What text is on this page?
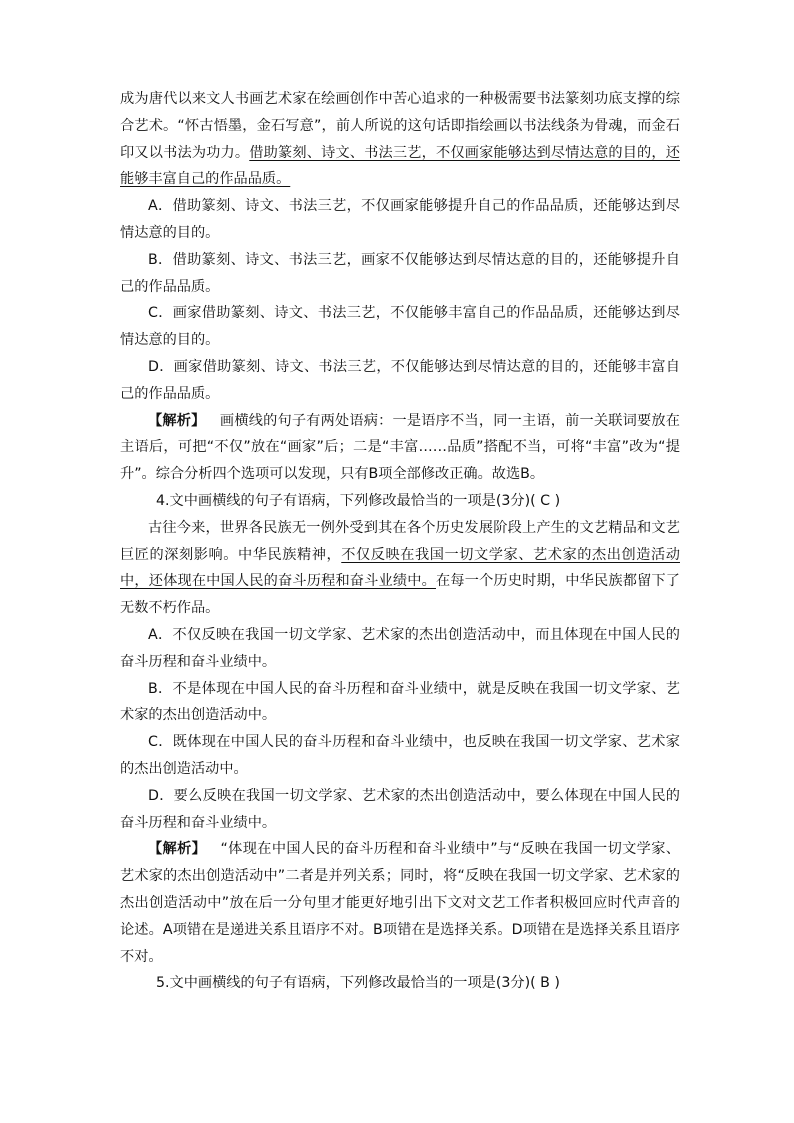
成为唐代以来文人书画艺术家在绘画创作中苦心追求的一种极需要书法篆刻功底支撑的综合艺术。“怀古悟墨，金石写意”，前人所说的这句话即指绘画以书法线条为骨魂，而金石印又以书法为功力。借助篆刻、诗文、书法三艺，不仅画家能够达到尽情达意的目的，还能够丰富自己的作品品质。

A．借助篆刻、诗文、书法三艺，不仅画家能够提升自己的作品品质，还能够达到尽情达意的目的。

B．借助篆刻、诗文、书法三艺，画家不仅能够达到尽情达意的目的，还能够提升自己的作品品质。

C．画家借助篆刻、诗文、书法三艺，不仅能够丰富自己的作品品质，还能够达到尽情达意的目的。

D．画家借助篆刻、诗文、书法三艺，不仅能够达到尽情达意的目的，还能够丰富自己的作品品质。

【解析】  画横线的句子有两处语病：一是语序不当，同一主语，前一关联词要放在主语后，可把“不仅”放在“画家”后；二是“丰富……品质”搭配不当，可将“丰富”改为“提升”。综合分析四个选项可以发现，只有B项全部修改正确。故选B。

4.文中画横线的句子有语病，下列修改最恰当的一项是(3分)( C )

古往今来，世界各民族无一例外受到其在各个历史发展阶段上产生的文艺精品和文艺巨匠的深刻影响。中华民族精神，不仅反映在我国一切文学家、艺术家的杰出创造活动中，还体现在中国人民的奋斗历程和奋斗业绩中。在每一个历史时期，中华民族都留下了无数不朽作品。

A．不仅反映在我国一切文学家、艺术家的杰出创造活动中，而且体现在中国人民的奋斗历程和奋斗业绩中。

B．不是体现在中国人民的奋斗历程和奋斗业绩中，就是反映在我国一切文学家、艺术家的杰出创造活动中。

C．既体现在中国人民的奋斗历程和奋斗业绩中，也反映在我国一切文学家、艺术家的杰出创造活动中。

D．要么反映在我国一切文学家、艺术家的杰出创造活动中，要么体现在中国人民的奋斗历程和奋斗业绩中。

【解析】  “体现在中国人民的奋斗历程和奋斗业绩中”与“反映在我国一切文学家、艺术家的杰出创造活动中”二者是并列关系；同时，将“反映在我国一切文学家、艺术家的杰出创造活动中”放在后一分句里才能更好地引出下文对文艺工作者积极回应时代声音的论述。A项错在是递进关系且语序不对。B项错在是选择关系。D项错在是选择关系且语序不对。

5.文中画横线的句子有语病，下列修改最恰当的一项是(3分)( B )
